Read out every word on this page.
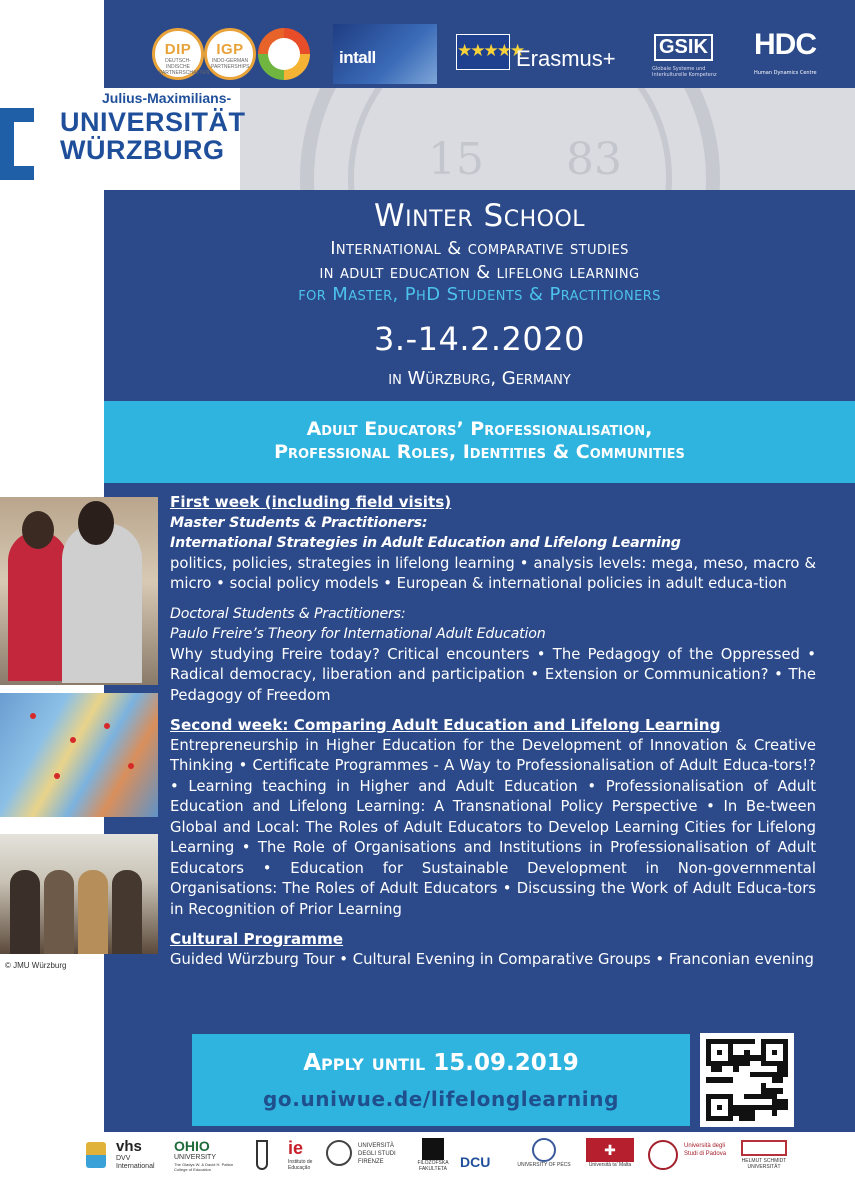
DIP
DEUTSCH-INDISCHE PARTNERSCHAFTEN
IGP
INDO-GERMAN PARTNERSHIPS	intall	★★★★★
Erasmus+ GSIK
Globale Systeme und Interkulturelle Kompetenz
HDC
Human Dynamics Centre
15 83
Julius-Maximilians-
UNIVERSITÄT
WÜRZBURG
Winter School
International & comparative studies
in adult education & lifelong learning
for Master, PhD Students & Practitioners
3.-14.2.2020
in Würzburg, Germany
Adult Educators’ Professionalisation,
Professional Roles, Identities & Communities
© JMU Würzburg
First week (including field visits)
Master Students & Practitioners:
International Strategies in Adult Education and Lifelong Learning
politics, policies, strategies in lifelong learning • analysis levels: mega, meso, macro & micro • social policy models • European & international policies in adult educa-tion
Doctoral Students & Practitioners:
Paulo Freire’s Theory for International Adult Education
Why studying Freire today? Critical encounters • The Pedagogy of the Oppressed • Radical democracy, liberation and participation • Extension or Communication? • The Pedagogy of Freedom
Second week: Comparing Adult Education and Lifelong Learning
Entrepreneurship in Higher Education for the Development of Innovation & Creative Thinking • Certificate Programmes - A Way to Professionalisation of Adult Educa-tors!? • Learning teaching in Higher and Adult Education • Professionalisation of Adult Education and Lifelong Learning: A Transnational Policy Perspective • In Be-tween Global and Local: The Roles of Adult Educators to Develop Learning Cities for Lifelong Learning • The Role of Organisations and Institutions in Professionalisation of Adult Educators • Education for Sustainable Development in Non-governmental Organisations: The Roles of Adult Educators • Discussing the Work of Adult Educa-tors in Recognition of Prior Learning
Cultural Programme
Guided Würzburg Tour • Cultural Evening in Comparative Groups • Franconian evening
Apply until 15.09.2019
go.uniwue.de/lifelonglearning
vhs
DVV International
OHIO
UNIVERSITY
The Gladys W. & David H. Patton College of Education
ie
Instituto de Educação
UNIVERSITÀ DEGLI STUDI FIRENZE	FILOZOFSKA FAKULTETA DCU	UNIVERSITY OF PÉCS
✚
Università ta' Malta
Università degli Studi di Padova
HELMUT SCHMIDT UNIVERSITÄT
